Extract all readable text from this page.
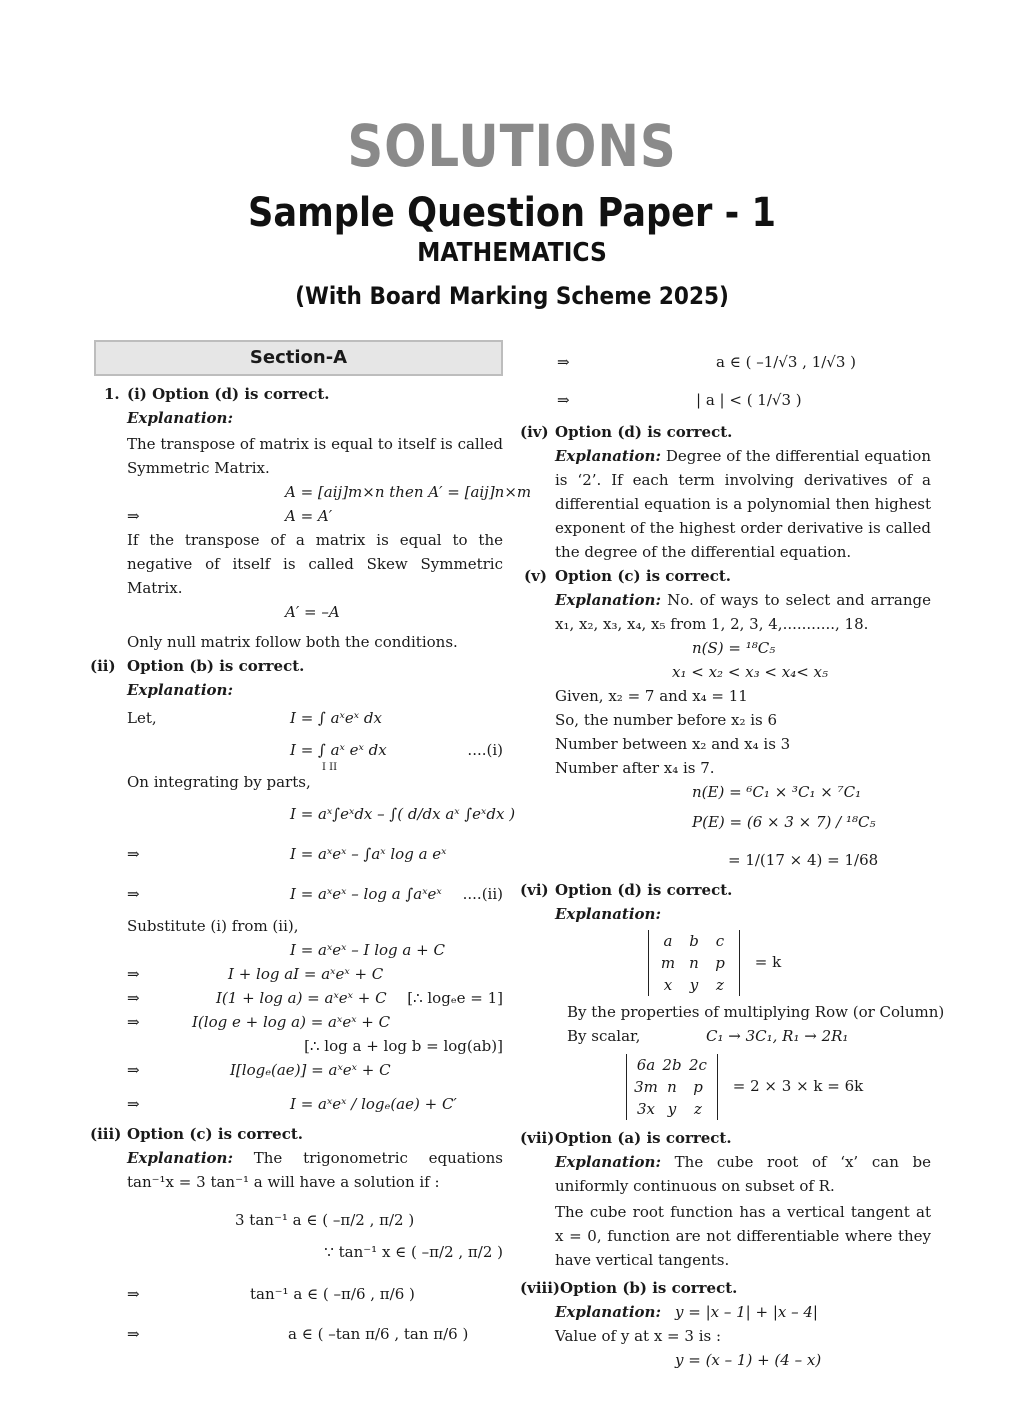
SOLUTIONS
Sample Question Paper - 1
MATHEMATICS
(With Board Marking Scheme 2025)
Section-A
1. (i) Option (d) is correct.
Explanation:
The transpose of matrix is equal to itself is called Symmetric Matrix.
A = [aij]m×n then A′ = [aij]n×m
⇒	A = A′
If the transpose of a matrix is equal to the negative of itself is called Skew Symmetric Matrix.
A′ = –A
Only null matrix follow both the conditions.
(ii) Option (b) is correct.
Explanation:
Let,	I = ∫ aˣeˣ dx
I = ∫ aˣ eˣ dx
I II
....(i)
On integrating by parts,
I = aˣ∫eˣdx – ∫( d/dx aˣ ∫eˣdx )
⇒	I = aˣeˣ – ∫aˣ log a eˣ
⇒	I = aˣeˣ – log a ∫aˣeˣ ....(ii)
Substitute (i) from (ii),
I = aˣeˣ – I log a + C
⇒	I + log aI = aˣeˣ + C
⇒	I(1 + log a) = aˣeˣ + C [∴ logₑe = 1]
⇒	I(log e + log a) = aˣeˣ + C
[∴ log a + log b = log(ab)]
⇒	I[logₑ(ae)] = aˣeˣ + C
⇒	I = aˣeˣ / logₑ(ae) + C′
(iii) Option (c) is correct.
Explanation: The trigonometric equations tan⁻¹x = 3 tan⁻¹ a will have a solution if :
3 tan⁻¹ a ∈ ( –π/2 , π/2 )
∵ tan⁻¹ x ∈ ( –π/2 , π/2 )
⇒	tan⁻¹ a ∈ ( –π/6 , π/6 )
⇒	a ∈ ( –tan π/6 , tan π/6 )
⇒	a ∈ ( –1/√3 , 1/√3 )
⇒	| a | < ( 1/√3 )
(iv) Option (d) is correct.
Explanation: Degree of the differential equation is ‘2’. If each term involving derivatives of a differential equation is a polynomial then highest exponent of the highest order derivative is called the degree of the differential equation.
(v) Option (c) is correct.
Explanation: No. of ways to select and arrange x₁, x₂, x₃, x₄, x₅ from 1, 2, 3, 4,..........., 18.
n(S) = ¹⁸C₅
x₁ < x₂ < x₃ < x₄< x₅
Given, x₂ = 7 and x₄ = 11
So, the number before x₂ is 6
Number between x₂ and x₄ is 3
Number after x₄ is 7.
n(E) = ⁶C₁ × ³C₁ × ⁷C₁
P(E) = (6 × 3 × 7) / ¹⁸C₅
= 1/(17 × 4) = 1/68
(vi) Option (d) is correct.
Explanation:
a b c
m n p
x y z = k
By the properties of multiplying Row (or Column)
By scalar,	C₁ → 3C₁, R₁ → 2R₁
6a 2b 2c
3m n p
3x y z = 2 × 3 × k = 6k
(vii) Option (a) is correct.
Explanation: The cube root of ‘x’ can be uniformly continuous on subset of R.
The cube root function has a vertical tangent at x = 0, function are not differentiable where they have vertical tangents.
(viii) Option (b) is correct.
Explanation: y = |x – 1| + |x – 4|
Value of y at x = 3 is :
y = (x – 1) + (4 – x)
